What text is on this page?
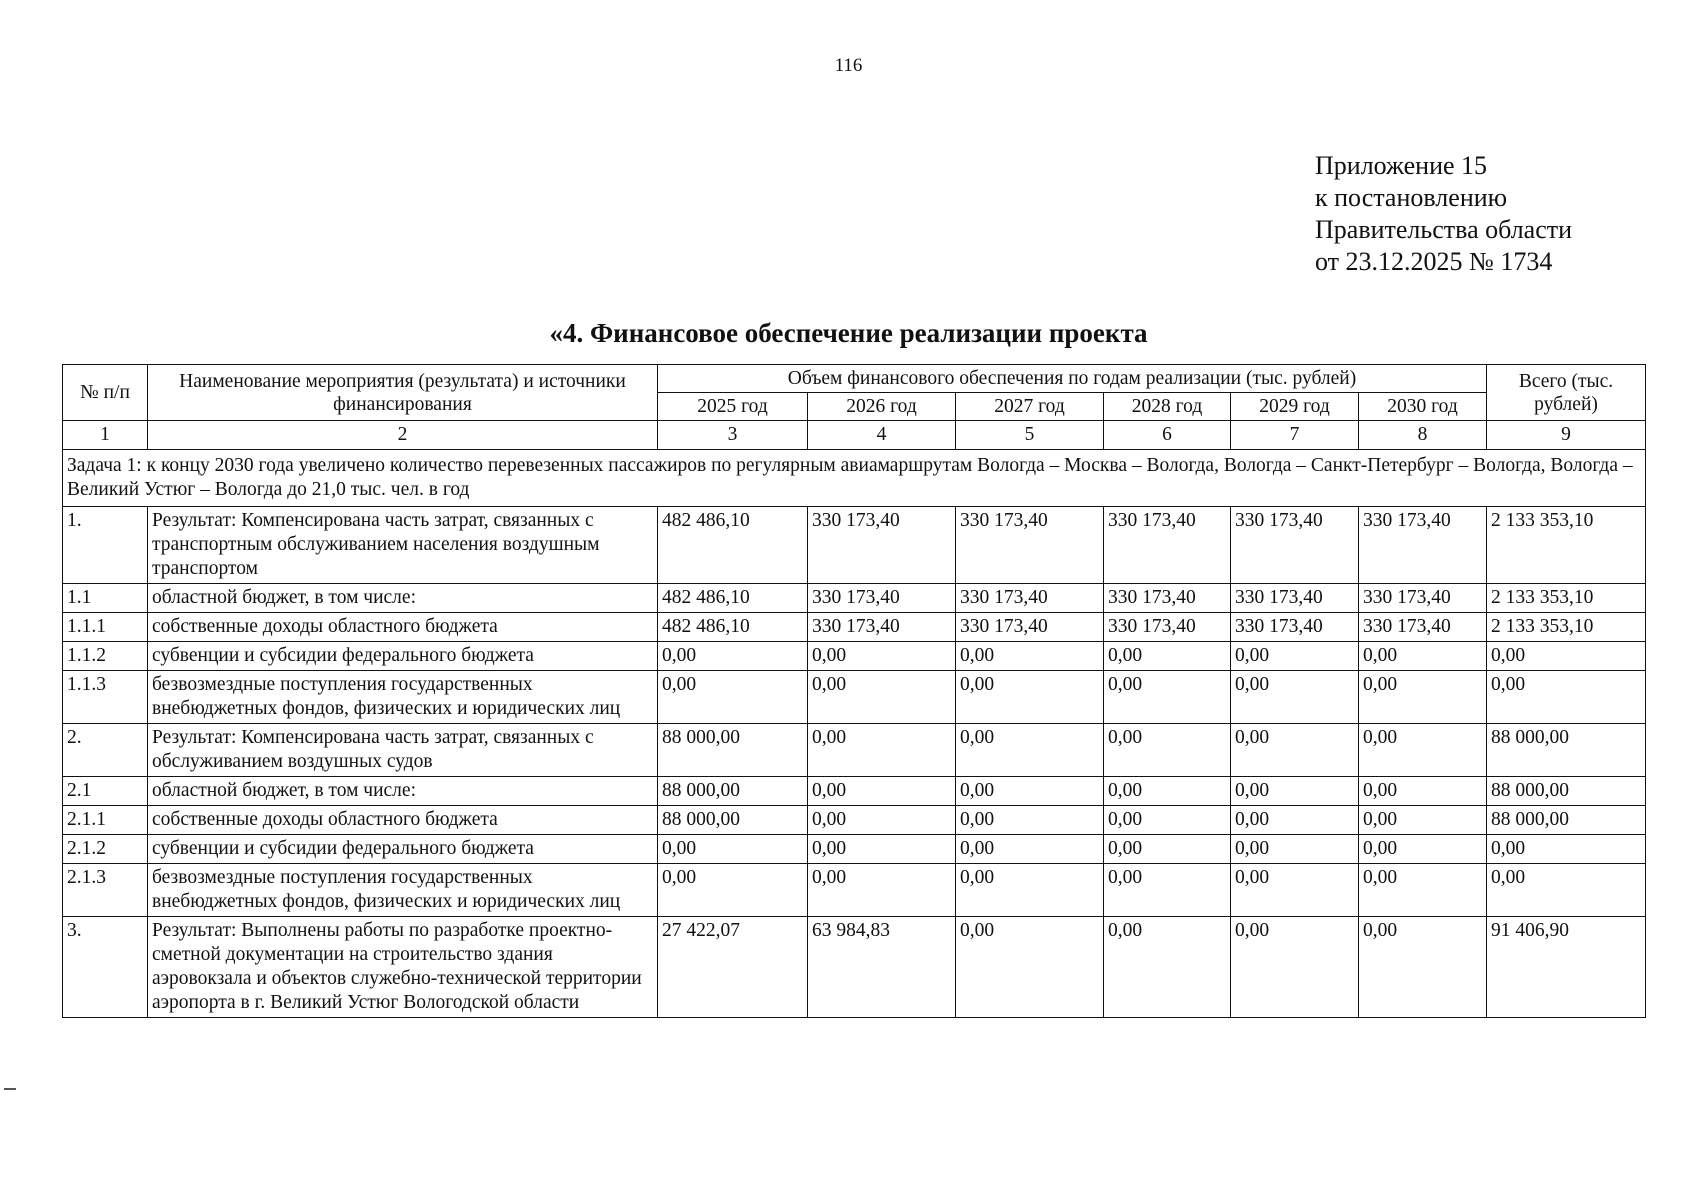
116
Приложение 15
к постановлению
Правительства области
от 23.12.2025 № 1734
«4. Финансовое обеспечение реализации проекта
№ п/п	Наименование мероприятия (результата) и источники финансирования	Объем финансового обеспечения по годам реализации (тыс. рублей)						Всего (тыс. рублей)
		2025 год	2026 год	2027 год	2028 год	2029 год	2030 год	
1	2	3	4	5	6	7	8	9
Задача 1: к концу 2030 года увеличено количество перевезенных пассажиров по регулярным авиамаршрутам Вологда – Москва – Вологда, Вологда – Санкт-Петербург – Вологда, Вологда – Великий Устюг – Вологда до 21,0 тыс. чел. в год								
1.	Результат: Компенсирована часть затрат, связанных с транспортным обслуживанием населения воздушным транспортом	482 486,10	330 173,40	330 173,40	330 173,40	330 173,40	330 173,40	2 133 353,10
1.1	областной бюджет, в том числе:	482 486,10	330 173,40	330 173,40	330 173,40	330 173,40	330 173,40	2 133 353,10
1.1.1	собственные доходы областного бюджета	482 486,10	330 173,40	330 173,40	330 173,40	330 173,40	330 173,40	2 133 353,10
1.1.2	субвенции и субсидии федерального бюджета	0,00	0,00	0,00	0,00	0,00	0,00	0,00
1.1.3	безвозмездные поступления государственных внебюджетных фондов, физических и юридических лиц	0,00	0,00	0,00	0,00	0,00	0,00	0,00
2.	Результат: Компенсирована часть затрат, связанных с обслуживанием воздушных судов	88 000,00	0,00	0,00	0,00	0,00	0,00	88 000,00
2.1	областной бюджет, в том числе:	88 000,00	0,00	0,00	0,00	0,00	0,00	88 000,00
2.1.1	собственные доходы областного бюджета	88 000,00	0,00	0,00	0,00	0,00	0,00	88 000,00
2.1.2	субвенции и субсидии федерального бюджета	0,00	0,00	0,00	0,00	0,00	0,00	0,00
2.1.3	безвозмездные поступления государственных внебюджетных фондов, физических и юридических лиц	0,00	0,00	0,00	0,00	0,00	0,00	0,00
3.	Результат: Выполнены работы по разработке проектно-сметной документации на строительство здания аэровокзала и объектов служебно-технической территории аэропорта в г. Великий Устюг Вологодской области	27 422,07	63 984,83	0,00	0,00	0,00	0,00	91 406,90
